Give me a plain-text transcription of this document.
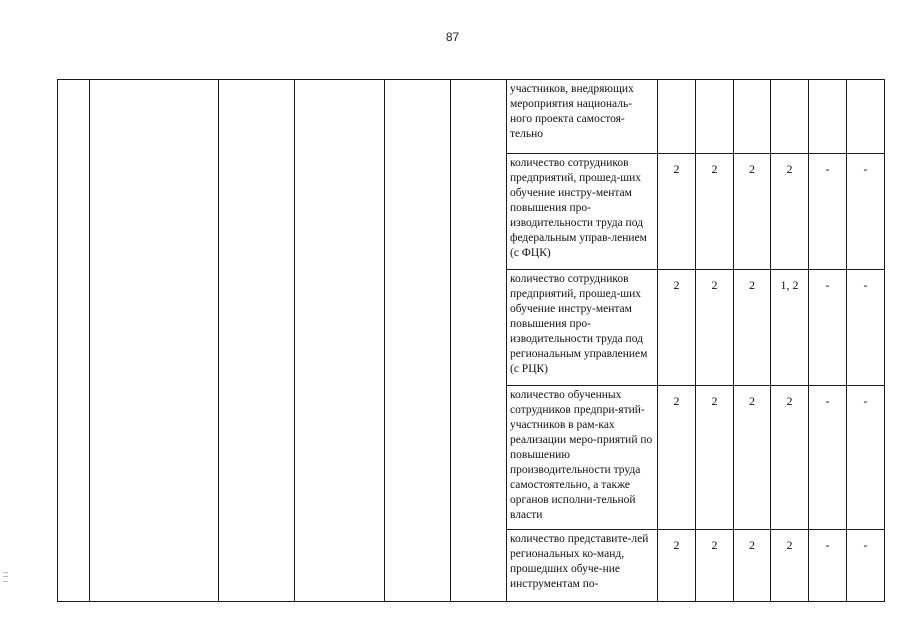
87
						участников, внедряющих мероприятия националь-ного проекта самостоя-тельно						
						количество сотрудников предприятий, прошед-ших обучение инстру-ментам повышения про-изводительности труда под федеральным управ-лением (с ФЦК)	2	2	2	2	-	-
						количество сотрудников предприятий, прошед-ших обучение инстру-ментам повышения про-изводительности труда под региональным управлением (с РЦК)	2	2	2	1, 2	-	-
						количество обученных сотрудников предпри-ятий-участников в рам-ках реализации меро-приятий по повышению производительности труда самостоятельно, а также органов исполни-тельной власти	2	2	2	2	-	-
						количество представите-лей региональных ко-манд, прошедших обуче-ние инструментам по-	2	2	2	2	-	-
